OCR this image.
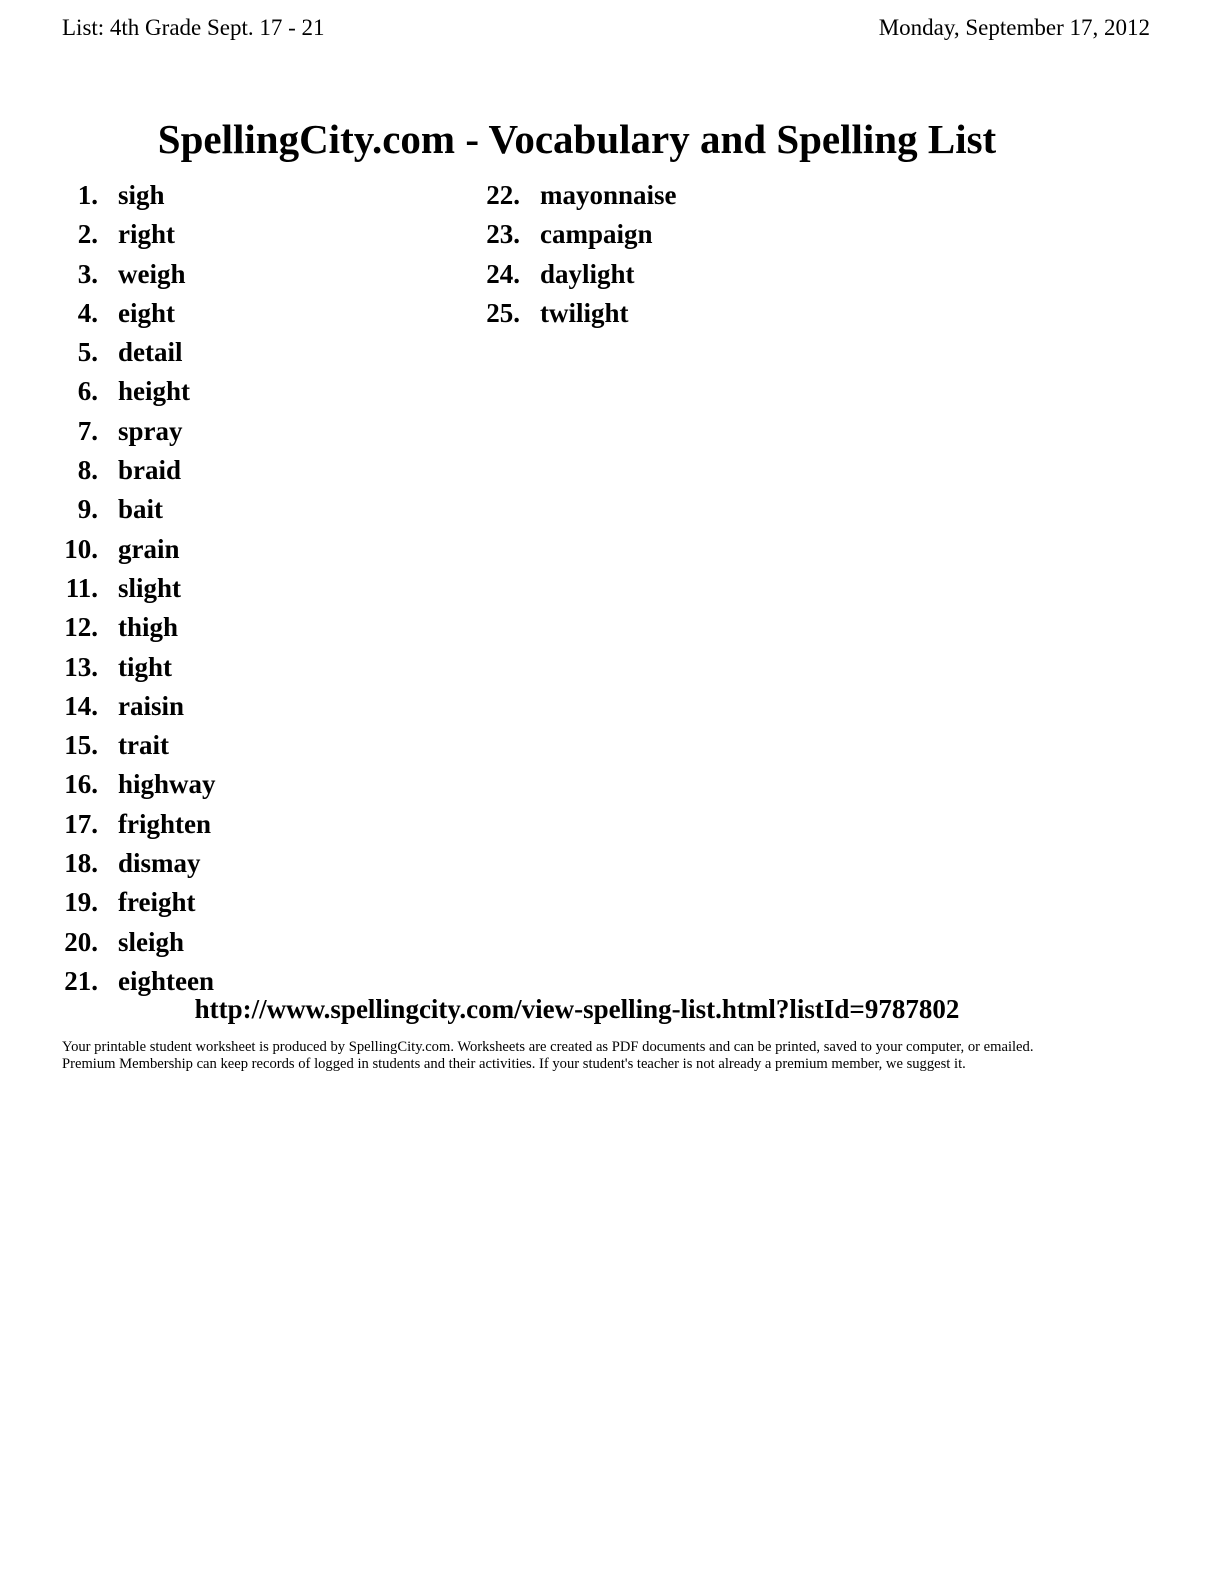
List: 4th Grade Sept. 17 - 21	Monday, September 17, 2012
SpellingCity.com - Vocabulary and Spelling List
1. sigh
2. right
3. weigh
4. eight
5. detail
6. height
7. spray
8. braid
9. bait
10. grain
11. slight
12. thigh
13. tight
14. raisin
15. trait
16. highway
17. frighten
18. dismay
19. freight
20. sleigh
21. eighteen
22. mayonnaise
23. campaign
24. daylight
25. twilight
http://www.spellingcity.com/view-spelling-list.html?listId=9787802
Your printable student worksheet is produced by SpellingCity.com. Worksheets are created as PDF documents and can be printed, saved to your computer, or emailed.
Premium Membership can keep records of logged in students and their activities. If your student's teacher is not already a premium member, we suggest it.
